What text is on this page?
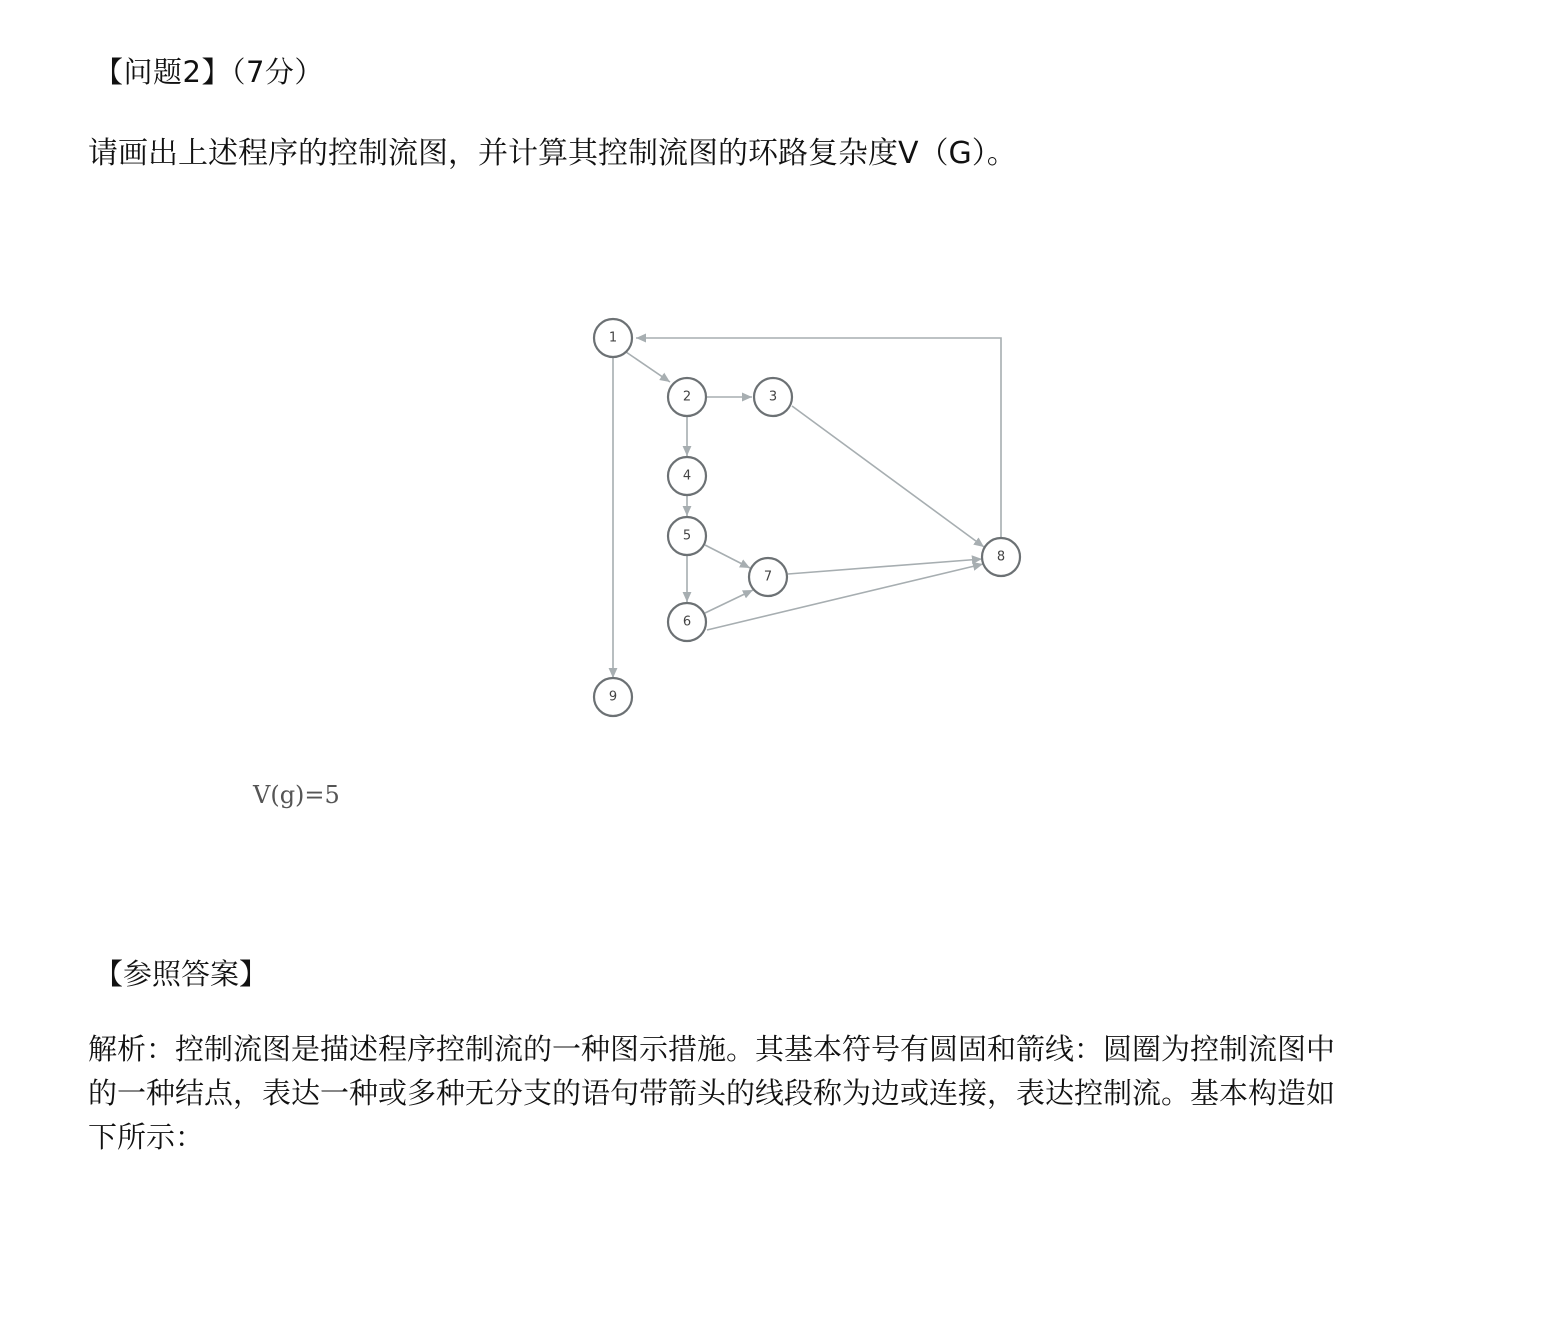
【问题2】（7分）
请画出上述程序的控制流图，并计算其控制流图的环路复杂度V（G）。
1
2	3
4
5
6
7
8
9
V(g)=5
【参照答案】
解析：控制流图是描述程序控制流的一种图示措施。其基本符号有圆固和箭线：圆圈为控制流图中
的一种结点，表达一种或多种无分支的语句带箭头的线段称为边或连接，表达控制流。基本构造如
下所示：
